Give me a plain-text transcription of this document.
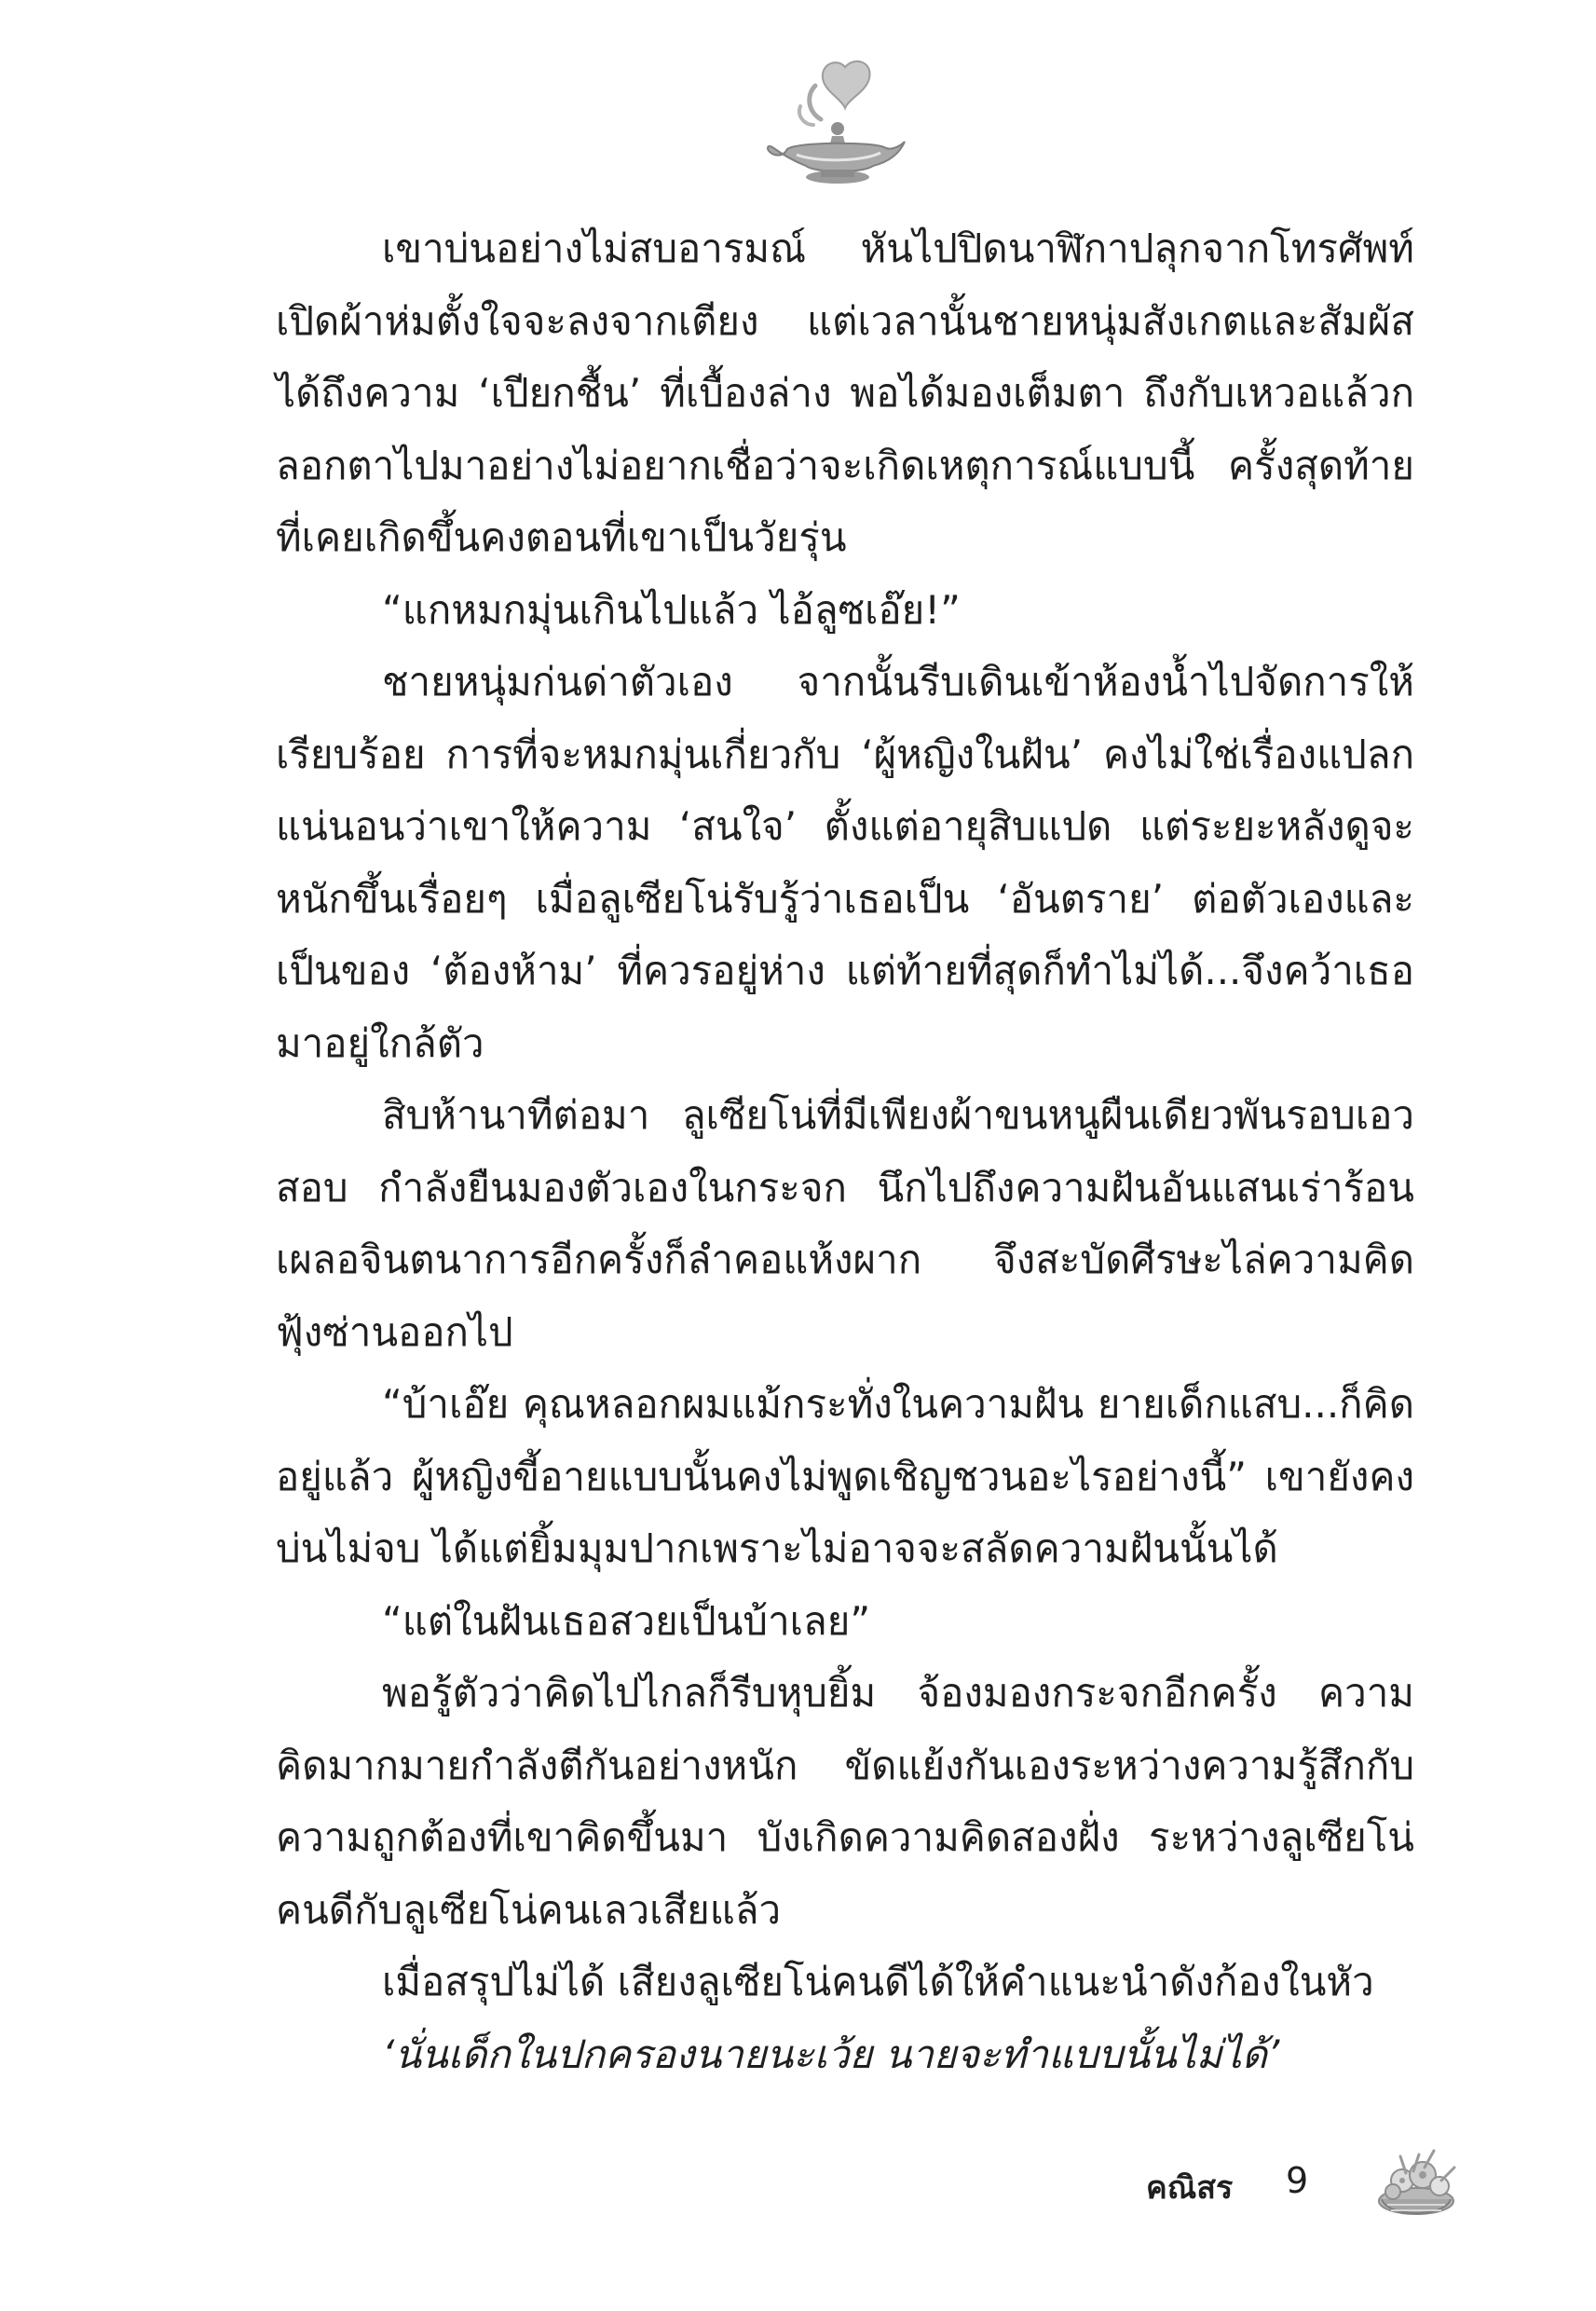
เขาบ่นอย่างไม่สบอารมณ์ หันไปปิดนาฬิกาปลุกจากโทรศัพท์เปิดผ้าห่มตั้งใจจะลงจากเตียง แต่เวลานั้นชายหนุ่มสังเกตและสัมผัสได้ถึงความ ‘เปียกชื้น’ ที่เบื้องล่าง พอได้มองเต็มตา ถึงกับเหวอแล้วกลอกตาไปมาอย่างไม่อยากเชื่อว่าจะเกิดเหตุการณ์แบบนี้ ครั้งสุดท้ายที่เคยเกิดขึ้นคงตอนที่เขาเป็นวัยรุ่น

“แกหมกมุ่นเกินไปแล้ว ไอ้ลูซเอ๊ย!”

ชายหนุ่มก่นด่าตัวเอง จากนั้นรีบเดินเข้าห้องน้ำไปจัดการให้เรียบร้อย การที่จะหมกมุ่นเกี่ยวกับ ‘ผู้หญิงในฝัน’ คงไม่ใช่เรื่องแปลกแน่นอนว่าเขาให้ความ ‘สนใจ’ ตั้งแต่อายุสิบแปด แต่ระยะหลังดูจะหนักขึ้นเรื่อยๆ เมื่อลูเซียโน่รับรู้ว่าเธอเป็น ‘อันตราย’ ต่อตัวเองและเป็นของ ‘ต้องห้าม’ ที่ควรอยู่ห่าง แต่ท้ายที่สุดก็ทำไม่ได้...จึงคว้าเธอมาอยู่ใกล้ตัว

สิบห้านาทีต่อมา ลูเซียโน่ที่มีเพียงผ้าขนหนูผืนเดียวพันรอบเอวสอบ กำลังยืนมองตัวเองในกระจก นึกไปถึงความฝันอันแสนเร่าร้อน เผลอจินตนาการอีกครั้งก็ลำคอแห้งผาก จึงสะบัดศีรษะไล่ความคิดฟุ้งซ่านออกไป

“บ้าเอ๊ย คุณหลอกผมแม้กระทั่งในความฝัน ยายเด็กแสบ...ก็คิดอยู่แล้ว ผู้หญิงขี้อายแบบนั้นคงไม่พูดเชิญชวนอะไรอย่างนี้” เขายังคงบ่นไม่จบ ได้แต่ยิ้มมุมปากเพราะไม่อาจจะสลัดความฝันนั้นได้

“แต่ในฝันเธอสวยเป็นบ้าเลย”

พอรู้ตัวว่าคิดไปไกลก็รีบหุบยิ้ม จ้องมองกระจกอีกครั้ง ความคิดมากมายกำลังตีกันอย่างหนัก ขัดแย้งกันเองระหว่างความรู้สึกกับความถูกต้องที่เขาคิดขึ้นมา บังเกิดความคิดสองฝั่ง ระหว่างลูเซียโน่คนดีกับลูเซียโน่คนเลวเสียแล้ว

เมื่อสรุปไม่ได้ เสียงลูเซียโน่คนดีได้ให้คำแนะนำดังก้องในหัว

‘นั่นเด็กในปกครองนายนะเว้ย นายจะทำแบบนั้นไม่ได้’

คณิสร 9
